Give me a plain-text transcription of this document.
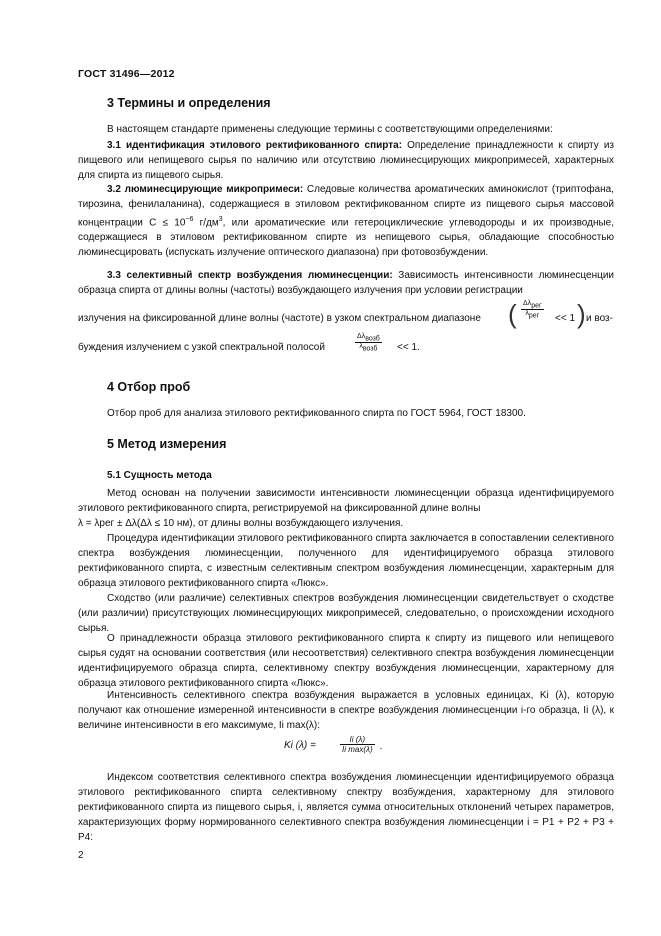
ГОСТ 31496—2012
3 Термины и определения
В настоящем стандарте применены следующие термины с соответствующими определениями:
3.1 идентификация этилового ректификованного спирта: Определение принадлежности к спирту из пищевого или непищевого сырья по наличию или отсутствию люминесцирующих микропримесей, характерных для спирта из пищевого сырья.
3.2 люминесцирующие микропримеси: Следовые количества ароматических аминокислот (триптофана, тирозина, фенилаланина), содержащиеся в этиловом ректификованном спирте из пищевого сырья массовой концентрации $С \le 10^{-6}$ $г/дм^3$, или ароматические или гетероциклические углеводороды и их производные, содержащиеся в этиловом ректификованном спирте из непищевого сырья, обладающие способностью люминесцировать (испускать излучение оптического диапазона) при фотовозбуждении.
3.3 селективный спектр возбуждения люминесценции: Зависимость интенсивности люминесценции образца спирта от длины волны (частоты) возбуждающего излучения при условии регистрации
излучения на фиксированной длине волны (частоте) в узком спектральном диапазоне ( $\Delta\lambda_{рег}$
$\lambda_{рег}$	<< 1 ) и воз-
буждения излучением с узкой спектральной полосой
$\Delta\lambda_{возб}$
$\lambda_{возб}$	<< 1.
4 Отбор проб
Отбор проб для анализа этилового ректификованного спирта по ГОСТ 5964, ГОСТ 18300.
5 Метод измерения
5.1 Сущность метода
Метод основан на получении зависимости интенсивности люминесценции образца идентифицируемого этилового ректификованного спирта, регистрируемой на фиксированной длине волны
λ = λрег ± Δλ(Δλ ≤ 10 нм), от длины волны возбуждающего излучения.
Процедура идентификации этилового ректификованного спирта заключается в сопоставлении селективного спектра возбуждения люминесценции, полученного для идентифицируемого образца этилового ректификованного спирта, с известным селективным спектром возбуждения люминесценции, характерным для образца этилового ректификованного спирта «Люкс».
Сходство (или различие) селективных спектров возбуждения люминесценции свидетельствует о сходстве (или различии) присутствующих люминесцирующих микропримесей, следовательно, о происхождении исходного сырья.
О принадлежности образца этилового ректификованного спирта к спирту из пищевого или непищевого сырья судят на основании соответствия (или несоответствия) селективного спектра возбуждения люминесценции идентифицируемого образца спирта, селективному спектру возбуждения люминесценции, характерному для образца этилового ректификованного спирта «Люкс».
Интенсивность селективного спектра возбуждения выражается в условных единицах, Ki (λ), которую получают как отношение измеренной интенсивности в спектре возбуждения люминесценции i-го образца, Ii (λ), к величине интенсивности в его максимуме, Ii max(λ):
Ki (λ) =
Ii (λ)
Ii max(λ) .
Индексом соответствия селективного спектра возбуждения люминесценции идентифицируемого образца этилового ректификованного спирта селективному спектру возбуждения, характерному для этилового ректификованного спирта из пищевого сырья, i, является сумма относительных отклонений четырех параметров, характеризующих форму нормированного селективного спектра возбуждения люминесценции i = P1 + P2 + P3 + P4:
2
